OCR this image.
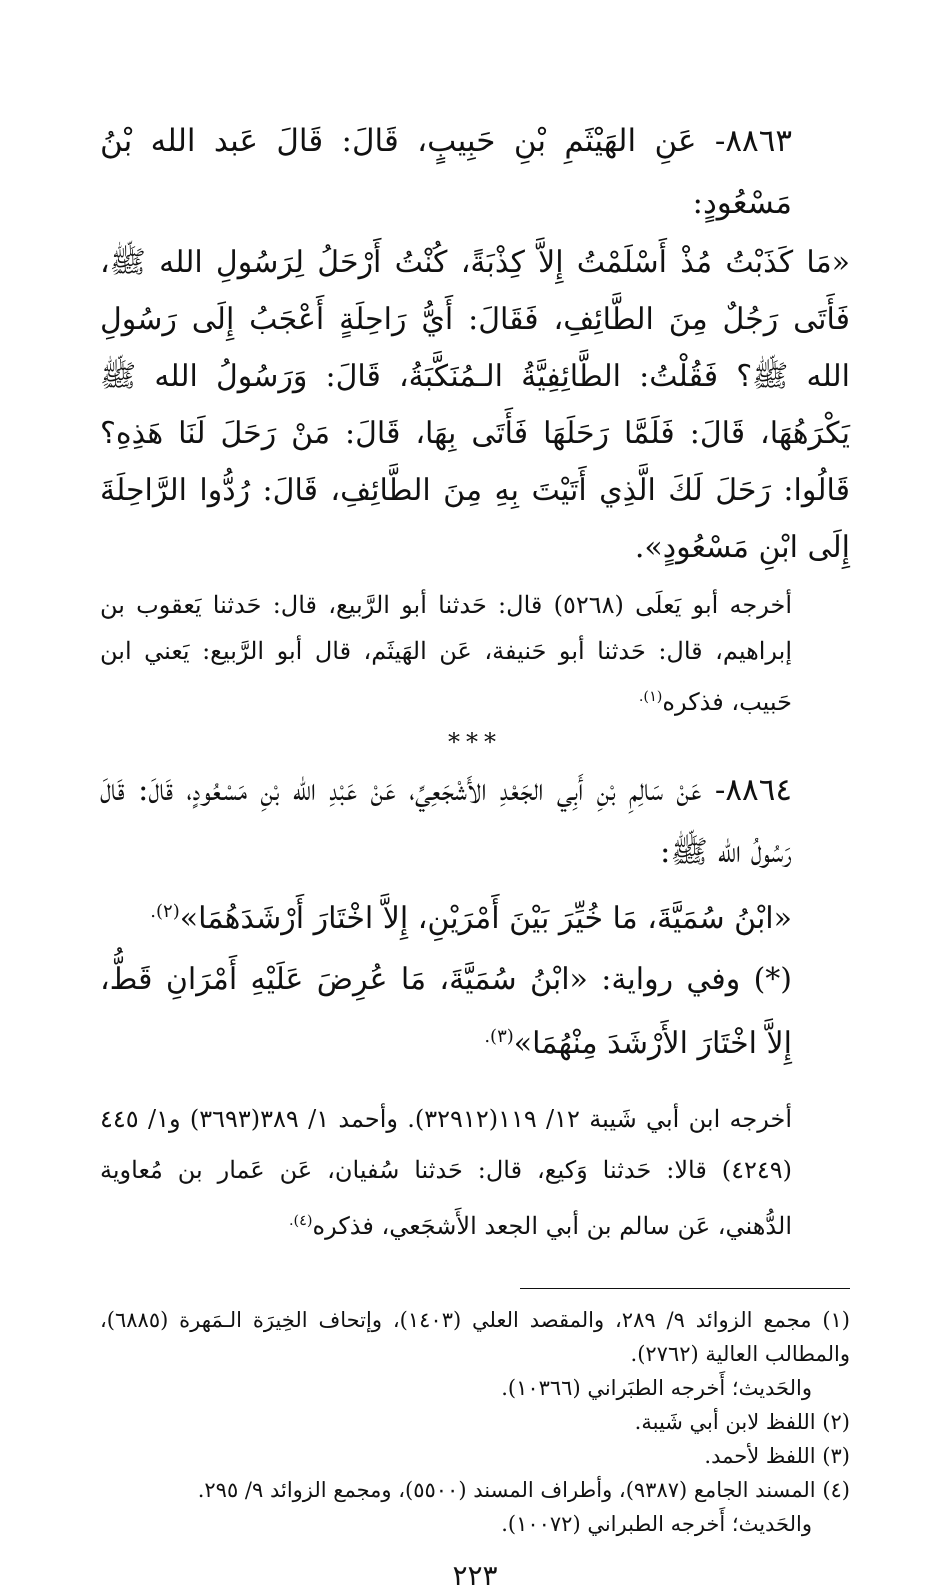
٨٨٦٣- عَنِ الهَيْثَمِ بْنِ حَبِيبٍ، قَالَ: قَالَ عَبد الله بْنُ مَسْعُودٍ:

«مَا كَذَبْتُ مُذْ أَسْلَمْتُ إِلاَّ كِذْبَةً، كُنْتُ أَرْحَلُ لِرَسُولِ الله ﷺ، فَأَتَى رَجُلٌ مِنَ الطَّائِفِ، فَقَالَ: أَيُّ رَاحِلَةٍ أَعْجَبُ إِلَى رَسُولِ الله ﷺ؟ فَقُلْتُ: الطَّائِفِيَّةُ الـمُنَكَّبَةُ، قَالَ: وَرَسُولُ الله ﷺ يَكْرَهُهَا، قَالَ: فَلَمَّا رَحَلَهَا فَأَتَى بِهَا، قَالَ: مَنْ رَحَلَ لَنَا هَذِهِ؟ قَالُوا: رَحَلَ لَكَ الَّذِي أَتَيْتَ بِهِ مِنَ الطَّائِفِ، قَالَ: رُدُّوا الرَّاحِلَةَ إِلَى ابْنِ مَسْعُودٍ».

أخرجه أبو يَعلَى (٥٢٦٨) قال: حَدثنا أبو الرَّبيع، قال: حَدثنا يَعقوب بن إبراهيم، قال: حَدثنا أبو حَنيفة، عَن الهَيثَم، قال أبو الرَّبيع: يَعني ابن حَبيب، فذكره$^{(١).}$

***

٨٨٦٤- عَنْ سَالِمِ بْنِ أَبِي الجَعْدِ الأَشْجَعِيِّ، عَنْ عَبْدِ الله بْنِ مَسْعُودٍ، قَالَ: قَالَ رَسُولُ الله ﷺ:

«ابْنُ سُمَيَّةَ، مَا خُيِّرَ بَيْنَ أَمْرَيْنِ، إِلاَّ اخْتَارَ أَرْشَدَهُمَا»$^{(٢).}$

(*) وفي رواية: «ابْنُ سُمَيَّةَ، مَا عُرِضَ عَلَيْهِ أَمْرَانِ قَطُّ، إِلاَّ اخْتَارَ الأَرْشَدَ مِنْهُمَا»$^{(٣).}$

أخرجه ابن أبي شَيبة ١٢/ ١١٩(٣٢٩١٢). وأحمد ١/ ٣٨٩(٣٦٩٣) و١/ ٤٤٥ (٤٢٤٩) قالا: حَدثنا وَكيع، قال: حَدثنا سُفيان، عَن عَمار بن مُعاوية الدُّهني، عَن سالم بن أبي الجعد الأَشجَعي، فذكره$^{(٤).}$

(١) مجمع الزوائد ٩/ ٢٨٩، والمقصد العلي (١٤٠٣)، وإتحاف الخِيرَة الـمَهرة (٦٨٨٥)، والمطالب العالية (٢٧٦٢).

والحَديث؛ أَخرجه الطبَراني (١٠٣٦٦).

(٢) اللفظ لابن أبي شَيبة.

(٣) اللفظ لأحمد.

(٤) المسند الجامع (٩٣٨٧)، وأطراف المسند (٥٥٠٠)، ومجمع الزوائد ٩/ ٢٩٥.

والحَديث؛ أَخرجه الطبراني (١٠٠٧٢).

٢٢٣
